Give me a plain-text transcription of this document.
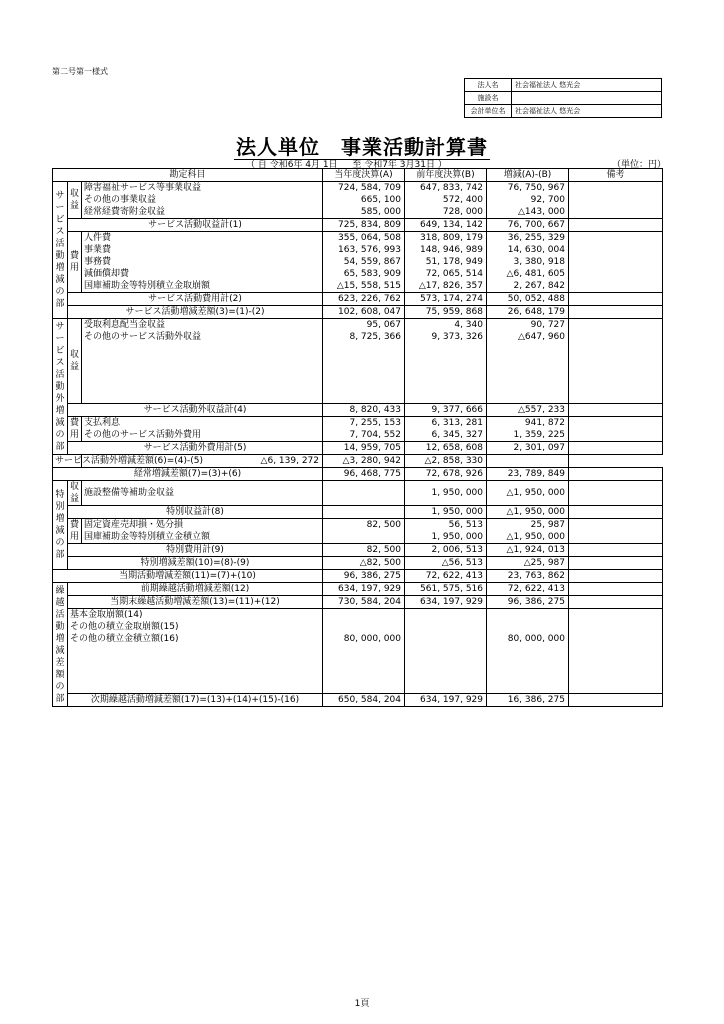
第二号第一様式
法人名	社会福祉法人 悠光会
施設名	
会計単位名	社会福祉法人 悠光会
法人単位　事業活動計算書
（ 自 令和6年 4月 1日 　 至 令和7年 3月31日 ）	（単位：円）
勘定科目			当年度決算(A)	前年度決算(B)	増減(A)-(B)	備考
サービス活動増減の部	収益	障害福祉サービス等事業収益	724, 584, 709	647, 833, 742	76, 750, 967	
		その他の事業収益	665, 100	572, 400	92, 700	
		経常経費寄附金収益	585, 000	728, 000	△143, 000	
	サービス活動収益計(1)		725, 834, 809	649, 134, 142	76, 700, 667	
	費用	人件費	355, 064, 508	318, 809, 179	36, 255, 329	
		事業費	163, 576, 993	148, 946, 989	14, 630, 004	
		事務費	54, 559, 867	51, 178, 949	3, 380, 918	
		減価償却費	65, 583, 909	72, 065, 514	△6, 481, 605	
		国庫補助金等特別積立金取崩額	△15, 558, 515	△17, 826, 357	2, 267, 842	
	サービス活動費用計(2)		623, 226, 762	573, 174, 274	50, 052, 488	
	サービス活動増減差額(3)=(1)-(2)		102, 608, 047	75, 959, 868	26, 648, 179	
サービス活動外増減の部	収益	受取利息配当金収益	95, 067	4, 340	90, 727	
		その他のサービス活動外収益	8, 725, 366	9, 373, 326	△647, 960	

	サービス活動外収益計(4)		8, 820, 433	9, 377, 666	△557, 233	
	費用	支払利息	7, 255, 153	6, 313, 281	941, 872	
		その他のサービス活動外費用	7, 704, 552	6, 345, 327	1, 359, 225	
	サービス活動外費用計(5)		14, 959, 705	12, 658, 608	2, 301, 097	
サービス活動外増減差額(6)=(4)-(5)		△6, 139, 272	△3, 280, 942	△2, 858, 330		
経常増減差額(7)=(3)+(6)			96, 468, 775	72, 678, 926	23, 789, 849	
特別増減の部	収益	施設整備等補助金収益		1, 950, 000	△1, 950, 000	
	特別収益計(8)			1, 950, 000	△1, 950, 000	
	費用	固定資産売却損・処分損	82, 500	56, 513	25, 987	
		国庫補助金等特別積立金積立額		1, 950, 000	△1, 950, 000	
	特別費用計(9)		82, 500	2, 006, 513	△1, 924, 013	
	特別増減差額(10)=(8)-(9)		△82, 500	△56, 513	△25, 987	
当期活動増減差額(11)=(7)+(10)			96, 386, 275	72, 622, 413	23, 763, 862	
繰越活動増減差額の部	前期繰越活動増減差額(12)		634, 197, 929	561, 575, 516	72, 622, 413	
	当期末繰越活動増減差額(13)=(11)+(12)		730, 584, 204	634, 197, 929	96, 386, 275	
	基本金取崩額(14)					
	その他の積立金取崩額(15)					
	その他の積立金積立額(16)		80, 000, 000		80, 000, 000	

	次期繰越活動増減差額(17)=(13)+(14)+(15)-(16)		650, 584, 204	634, 197, 929	16, 386, 275	
1頁
